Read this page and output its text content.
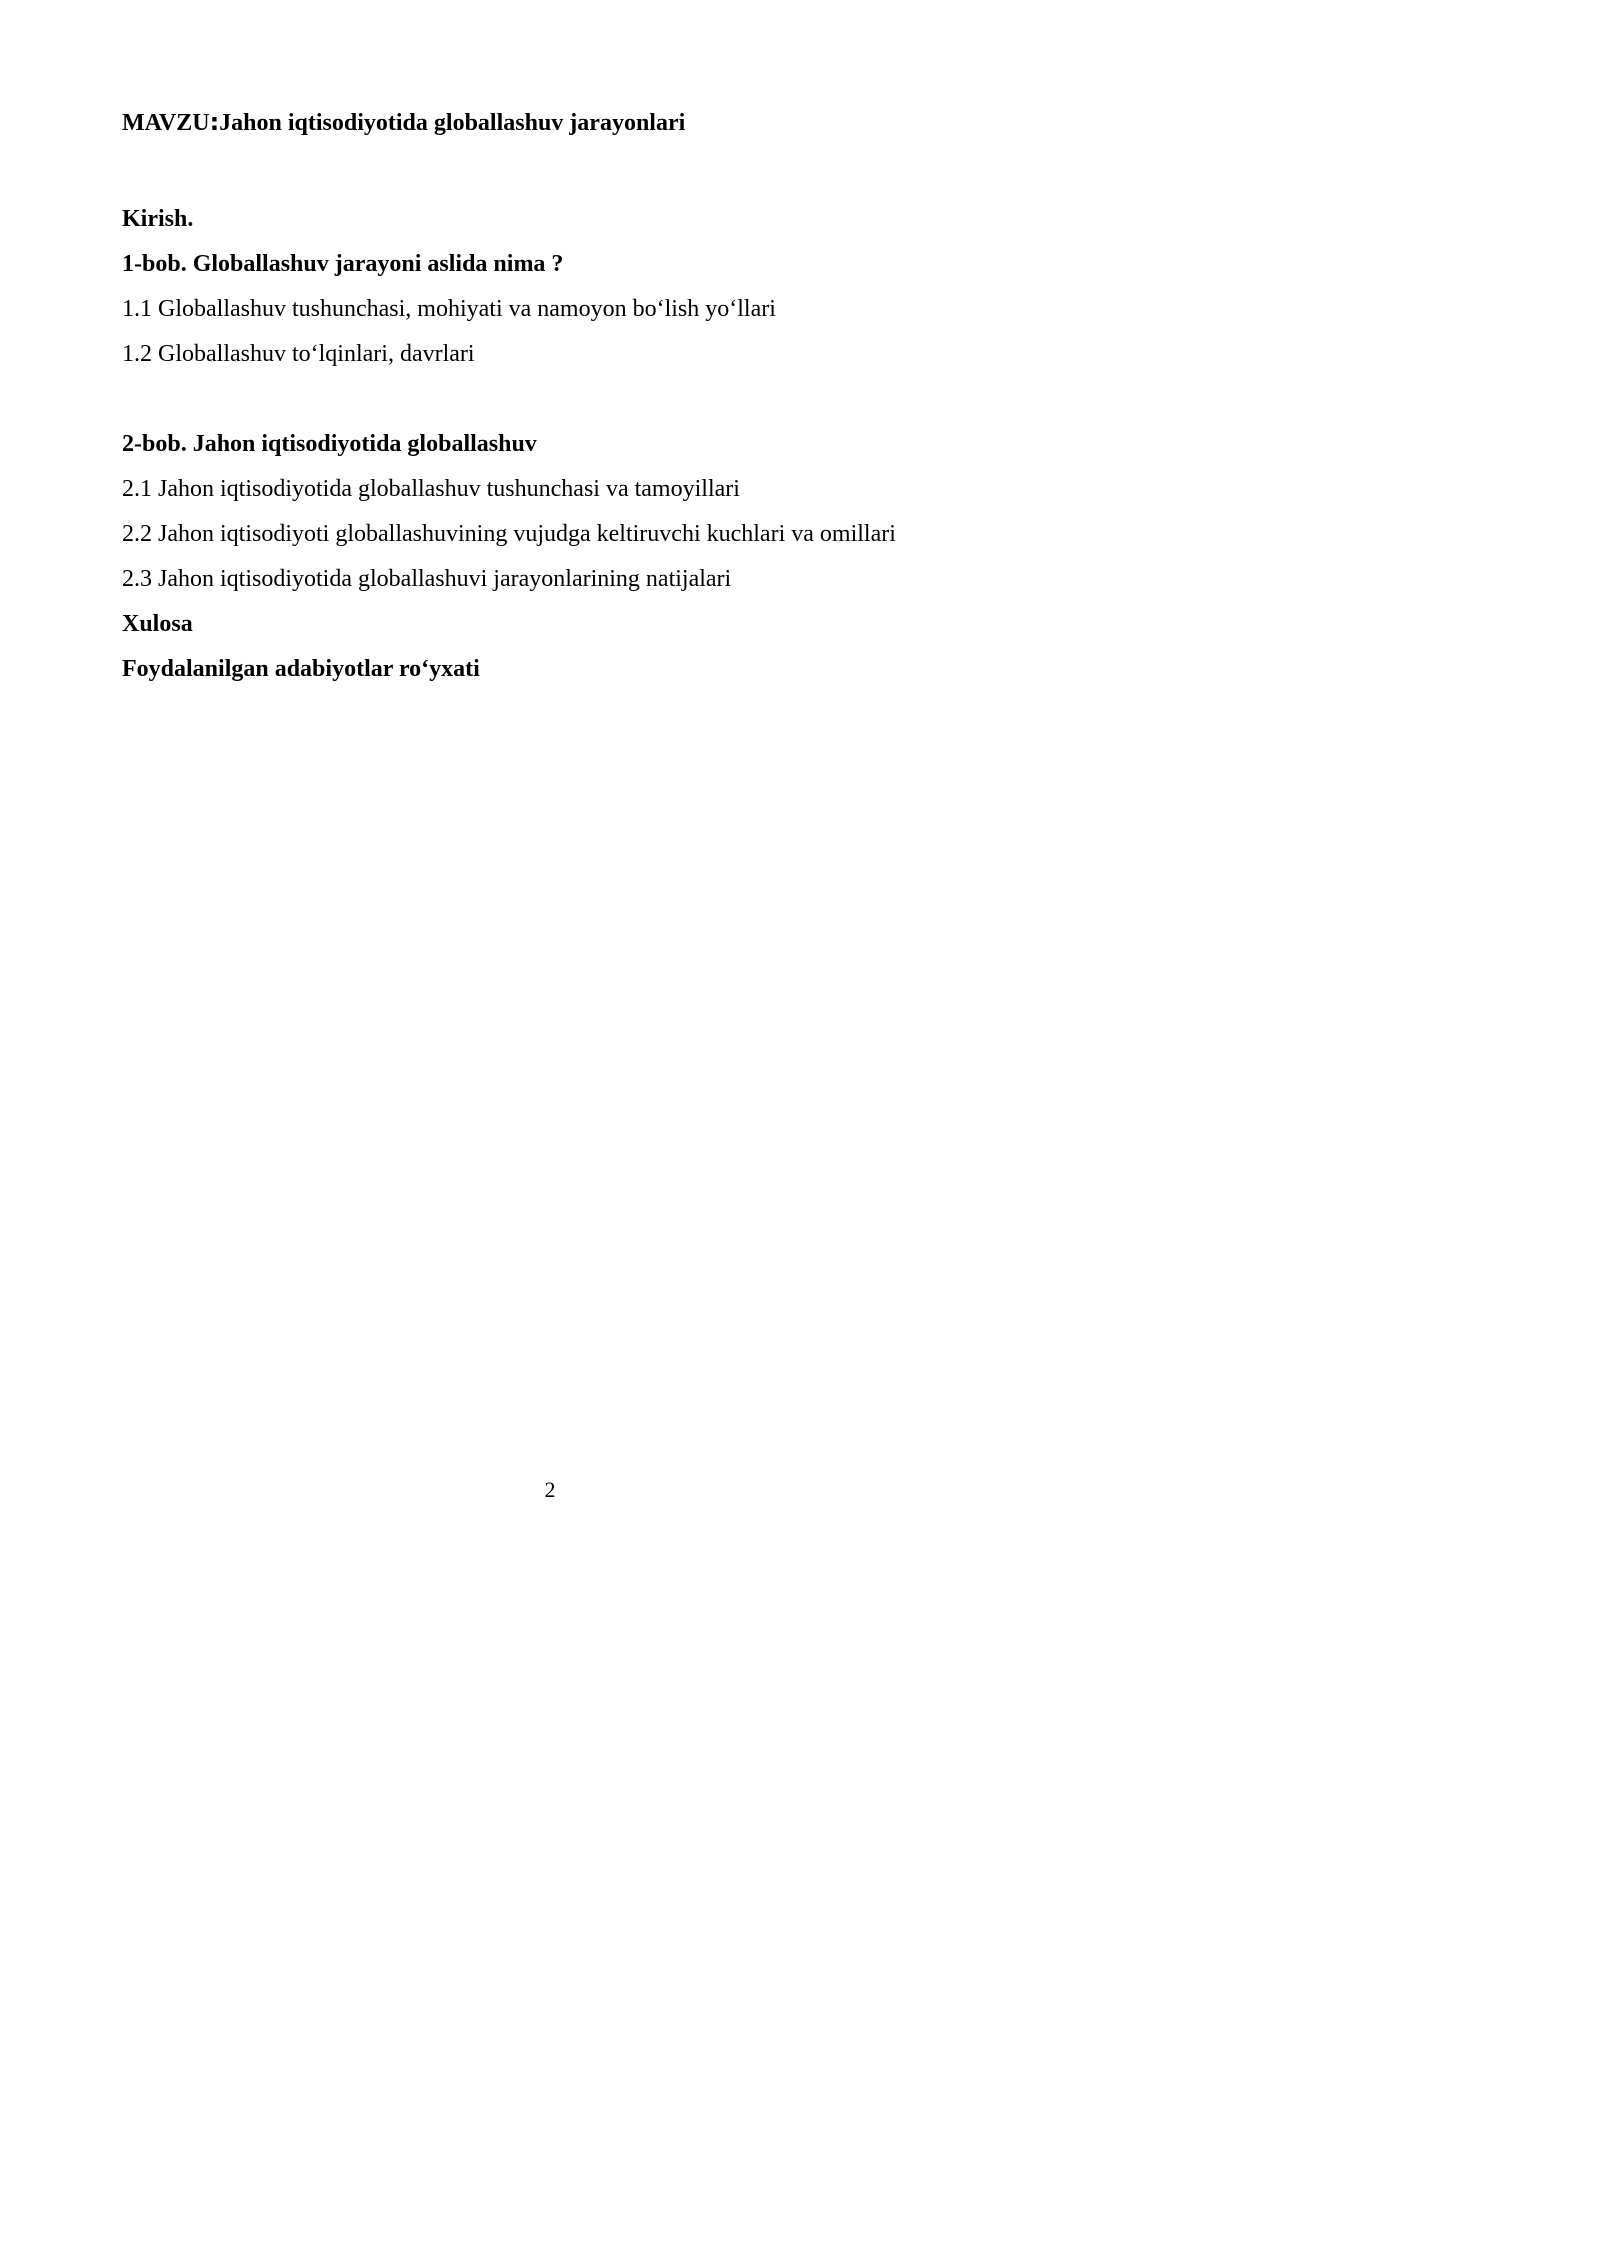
MAVZU:Jahon iqtisodiyotida globallashuv jarayonlari
Kirish.
1-bob. Globallashuv jarayoni aslida nima ?
1.1 Globallashuv tushunchasi, mohiyati va namoyon bo‘lish yo‘llari
1.2 Globallashuv to‘lqinlari, davrlari
2-bob. Jahon iqtisodiyotida globallashuv
2.1 Jahon iqtisodiyotida globallashuv tushunchasi va tamoyillari
2.2 Jahon iqtisodiyoti globallashuvining vujudga keltiruvchi kuchlari va omillari
2.3 Jahon iqtisodiyotida globallashuvi jarayonlarining natijalari
Xulosa
Foydalanilgan adabiyotlar ro‘yxati
2
